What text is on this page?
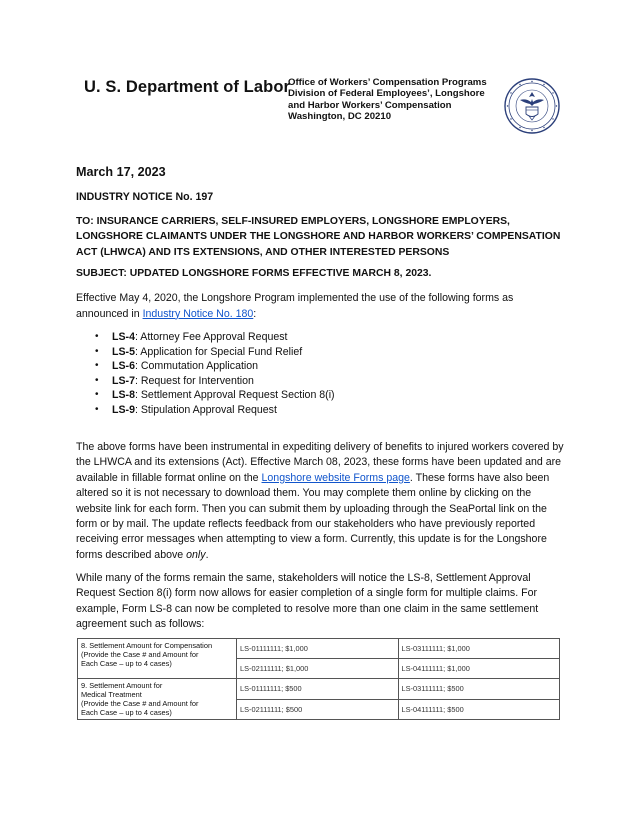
U. S. Department of Labor
Office of Workers’ Compensation Programs
Division of Federal Employees’, Longshore
and Harbor Workers’ Compensation
Washington, DC 20210
March 17, 2023
INDUSTRY NOTICE No. 197
TO: INSURANCE CARRIERS, SELF-INSURED EMPLOYERS, LONGSHORE EMPLOYERS, LONGSHORE CLAIMANTS UNDER THE LONGSHORE AND HARBOR WORKERS’ COMPENSATION ACT (LHWCA) AND ITS EXTENSIONS, AND OTHER INTERESTED PERSONS
SUBJECT: UPDATED LONGSHORE FORMS EFFECTIVE MARCH 8, 2023.
Effective May 4, 2020, the Longshore Program implemented the use of the following forms as announced in Industry Notice No. 180:
•	LS-4: Attorney Fee Approval Request
•	LS-5: Application for Special Fund Relief
•	LS-6: Commutation Application
•	LS-7: Request for Intervention
•	LS-8: Settlement Approval Request Section 8(i)
•	LS-9: Stipulation Approval Request
The above forms have been instrumental in expediting delivery of benefits to injured workers covered by the LHWCA and its extensions (Act). Effective March 08, 2023, these forms have been updated and are available in fillable format online on the Longshore website Forms page. These forms have also been altered so it is not necessary to download them. You may complete them online by clicking on the website link for each form. Then you can submit them by uploading through the SeaPortal link on the form or by mail. The update reflects feedback from our stakeholders who have previously reported receiving error messages when attempting to view a form. Currently, this update is for the Longshore forms described above only.
While many of the forms remain the same, stakeholders will notice the LS-8, Settlement Approval Request Section 8(i) form now allows for easier completion of a single form for multiple claims. For example, Form LS-8 can now be completed to resolve more than one claim in the same settlement agreement such as follows:
8. Settlement Amount for Compensation
(Provide the Case # and Amount for
Each Case – up to 4 cases)	LS-01111111; $1,000	LS-03111111; $1,000
	LS-02111111; $1,000	LS-04111111; $1,000

9. Settlement Amount for
Medical Treatment
(Provide the Case # and Amount for
Each Case – up to 4 cases)	LS-01111111; $500	LS-03111111; $500
	LS-02111111; $500	LS-04111111; $500
